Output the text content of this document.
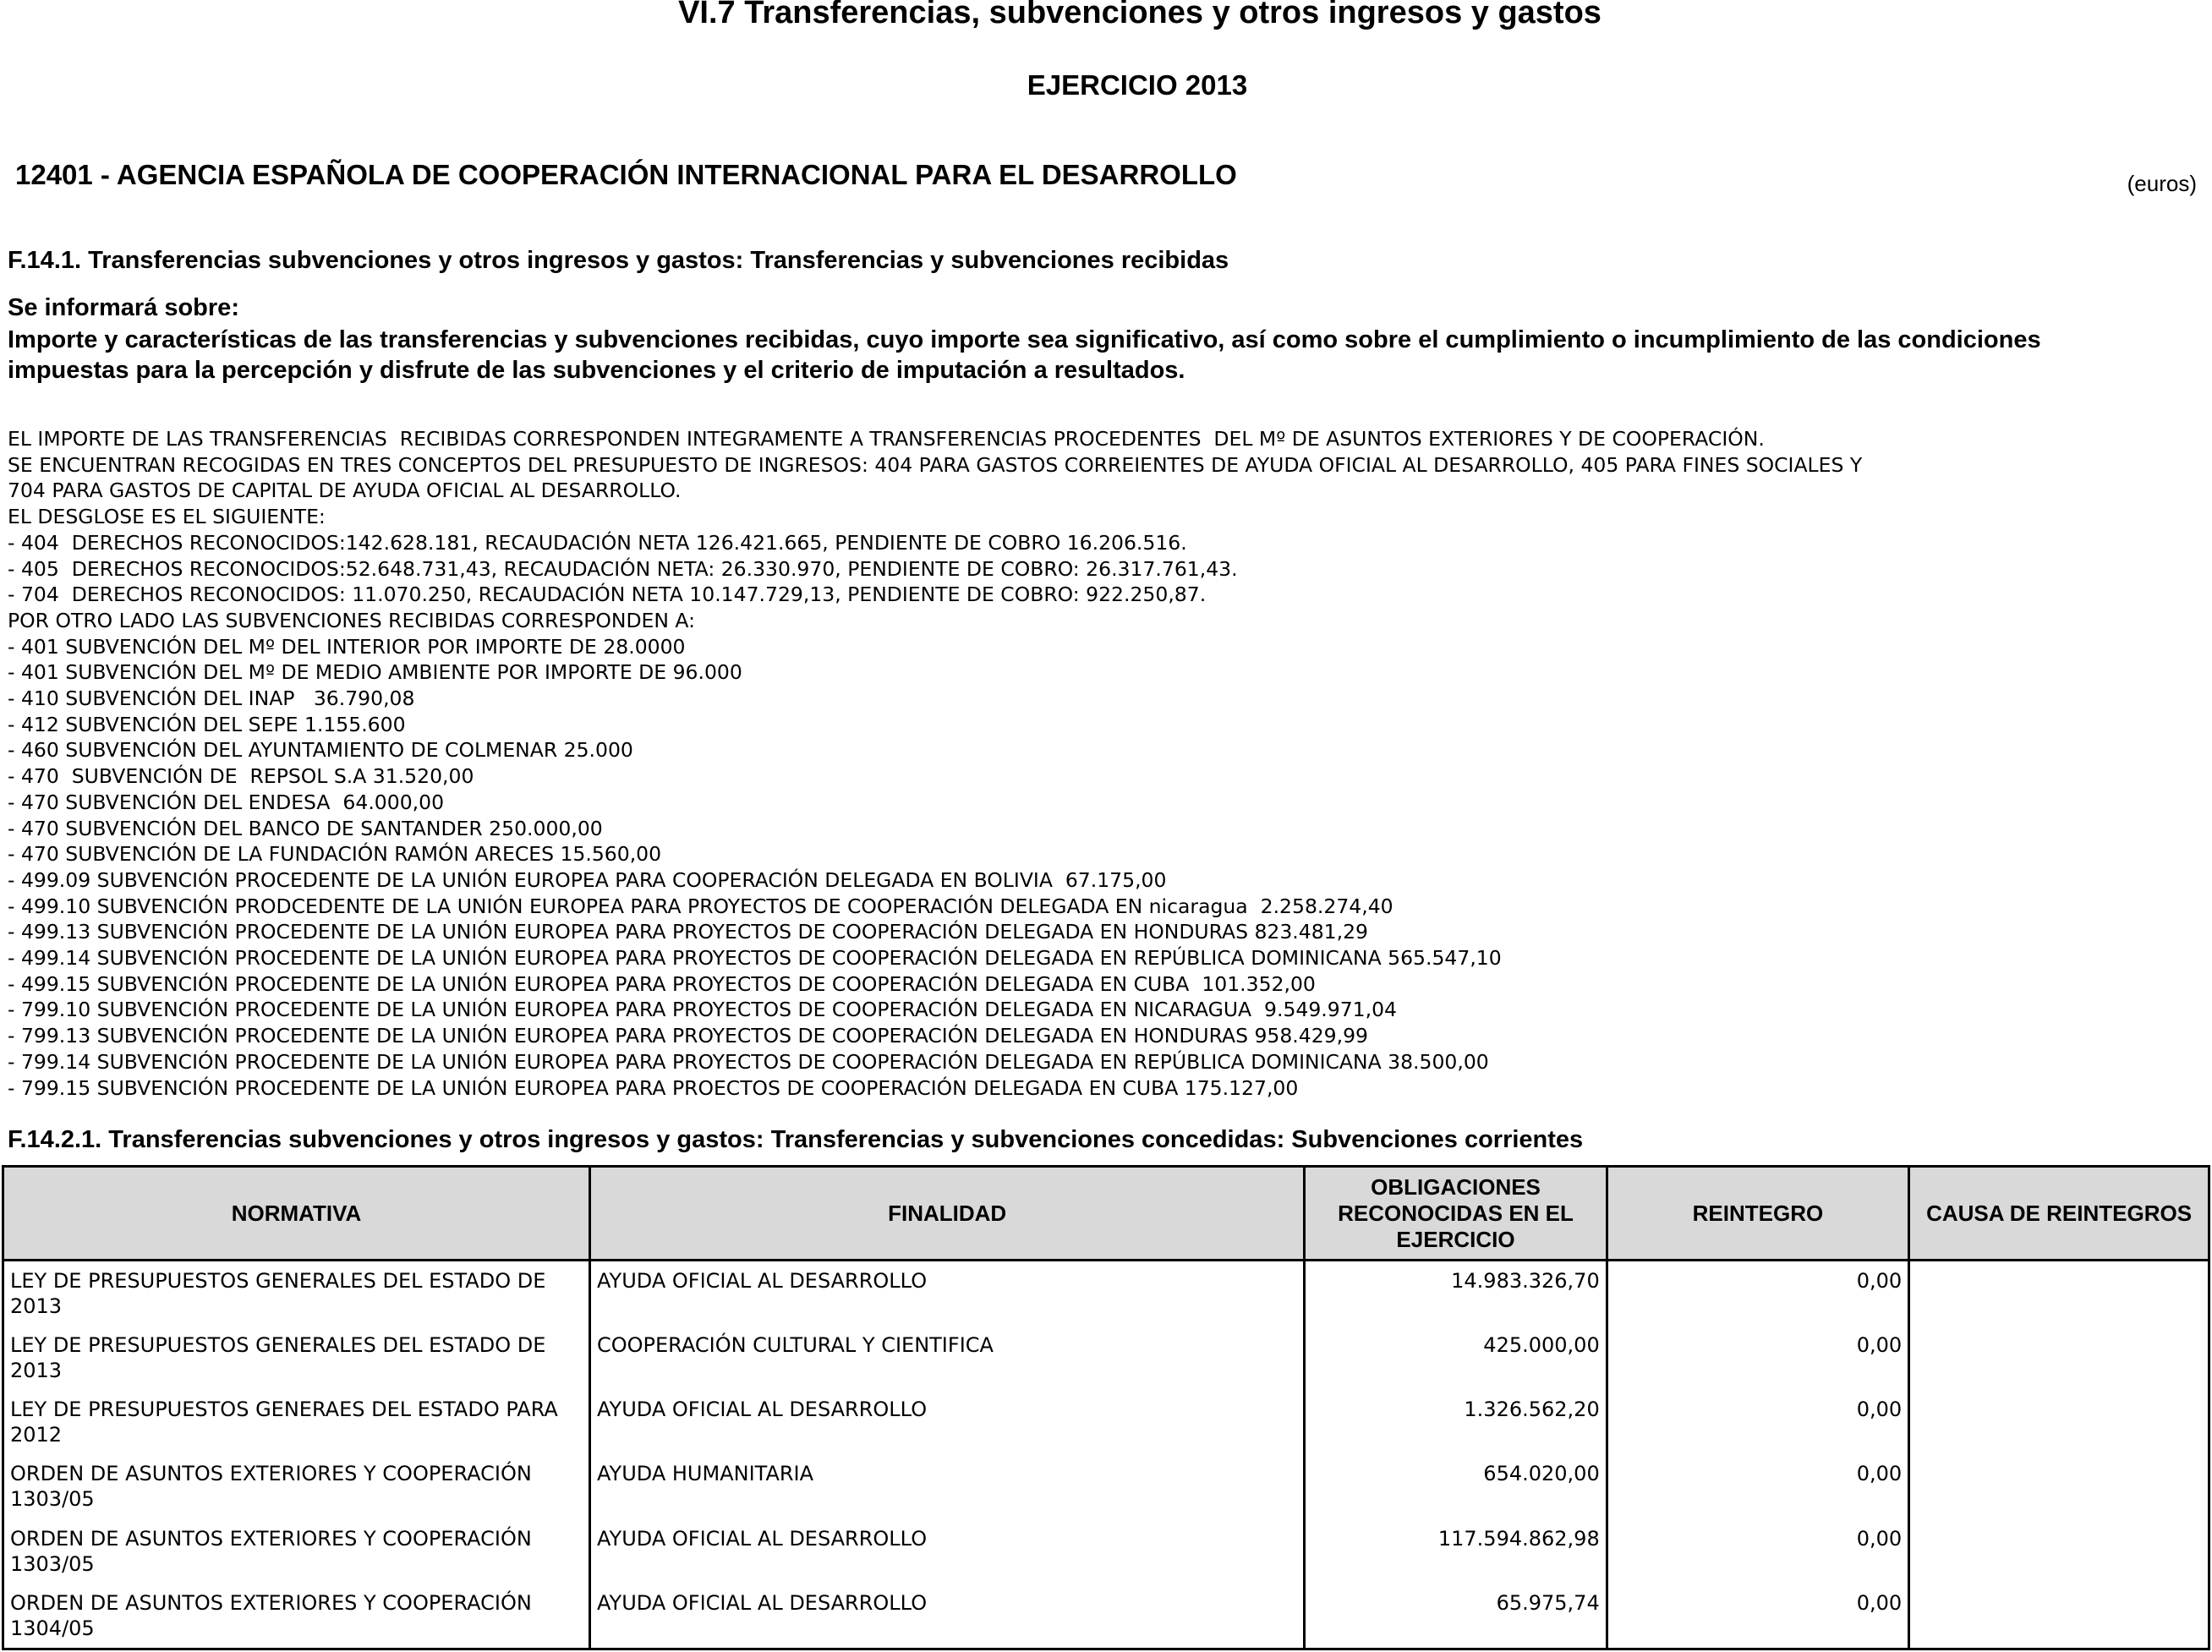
VI.7 Transferencias, subvenciones y otros ingresos y gastos
EJERCICIO 2013
12401 - AGENCIA ESPAÑOLA DE COOPERACIÓN INTERNACIONAL PARA EL DESARROLLO	(euros)
F.14.1. Transferencias subvenciones y otros ingresos y gastos: Transferencias y subvenciones recibidas
Se informará sobre:
Importe y características de las transferencias y subvenciones recibidas, cuyo importe sea significativo, así como sobre el cumplimiento o incumplimiento de las condiciones impuestas para la percepción y disfrute de las subvenciones y el criterio de imputación a resultados.
EL IMPORTE DE LAS TRANSFERENCIAS  RECIBIDAS CORRESPONDEN INTEGRAMENTE A TRANSFERENCIAS PROCEDENTES  DEL Mº DE ASUNTOS EXTERIORES Y DE COOPERACIÓN.
SE ENCUENTRAN RECOGIDAS EN TRES CONCEPTOS DEL PRESUPUESTO DE INGRESOS: 404 PARA GASTOS CORREIENTES DE AYUDA OFICIAL AL DESARROLLO, 405 PARA FINES SOCIALES Y
704 PARA GASTOS DE CAPITAL DE AYUDA OFICIAL AL DESARROLLO.
EL DESGLOSE ES EL SIGUIENTE:
- 404  DERECHOS RECONOCIDOS:142.628.181, RECAUDACIÓN NETA 126.421.665, PENDIENTE DE COBRO 16.206.516.
- 405  DERECHOS RECONOCIDOS:52.648.731,43, RECAUDACIÓN NETA: 26.330.970, PENDIENTE DE COBRO: 26.317.761,43.
- 704  DERECHOS RECONOCIDOS: 11.070.250, RECAUDACIÓN NETA 10.147.729,13, PENDIENTE DE COBRO: 922.250,87.
POR OTRO LADO LAS SUBVENCIONES RECIBIDAS CORRESPONDEN A:
- 401 SUBVENCIÓN DEL Mº DEL INTERIOR POR IMPORTE DE 28.0000
- 401 SUBVENCIÓN DEL Mº DE MEDIO AMBIENTE POR IMPORTE DE 96.000
- 410 SUBVENCIÓN DEL INAP   36.790,08
- 412 SUBVENCIÓN DEL SEPE 1.155.600
- 460 SUBVENCIÓN DEL AYUNTAMIENTO DE COLMENAR 25.000
- 470  SUBVENCIÓN DE  REPSOL S.A 31.520,00
- 470 SUBVENCIÓN DEL ENDESA  64.000,00
- 470 SUBVENCIÓN DEL BANCO DE SANTANDER 250.000,00
- 470 SUBVENCIÓN DE LA FUNDACIÓN RAMÓN ARECES 15.560,00
- 499.09 SUBVENCIÓN PROCEDENTE DE LA UNIÓN EUROPEA PARA COOPERACIÓN DELEGADA EN BOLIVIA  67.175,00
- 499.10 SUBVENCIÓN PRODCEDENTE DE LA UNIÓN EUROPEA PARA PROYECTOS DE COOPERACIÓN DELEGADA EN nicaragua  2.258.274,40
- 499.13 SUBVENCIÓN PROCEDENTE DE LA UNIÓN EUROPEA PARA PROYECTOS DE COOPERACIÓN DELEGADA EN HONDURAS 823.481,29
- 499.14 SUBVENCIÓN PROCEDENTE DE LA UNIÓN EUROPEA PARA PROYECTOS DE COOPERACIÓN DELEGADA EN REPÚBLICA DOMINICANA 565.547,10
- 499.15 SUBVENCIÓN PROCEDENTE DE LA UNIÓN EUROPEA PARA PROYECTOS DE COOPERACIÓN DELEGADA EN CUBA  101.352,00
- 799.10 SUBVENCIÓN PROCEDENTE DE LA UNIÓN EUROPEA PARA PROYECTOS DE COOPERACIÓN DELEGADA EN NICARAGUA  9.549.971,04
- 799.13 SUBVENCIÓN PROCEDENTE DE LA UNIÓN EUROPEA PARA PROYECTOS DE COOPERACIÓN DELEGADA EN HONDURAS 958.429,99
- 799.14 SUBVENCIÓN PROCEDENTE DE LA UNIÓN EUROPEA PARA PROYECTOS DE COOPERACIÓN DELEGADA EN REPÚBLICA DOMINICANA 38.500,00
- 799.15 SUBVENCIÓN PROCEDENTE DE LA UNIÓN EUROPEA PARA PROECTOS DE COOPERACIÓN DELEGADA EN CUBA 175.127,00
F.14.2.1. Transferencias subvenciones y otros ingresos y gastos: Transferencias y subvenciones concedidas: Subvenciones corrientes
NORMATIVA	FINALIDAD	OBLIGACIONES RECONOCIDAS EN EL EJERCICIO	REINTEGRO	CAUSA DE REINTEGROS
LEY DE PRESUPUESTOS GENERALES DEL ESTADO DE 2013	AYUDA OFICIAL AL DESARROLLO	14.983.326,70	0,00	
LEY DE PRESUPUESTOS GENERALES DEL ESTADO DE 2013	COOPERACIÓN CULTURAL Y CIENTIFICA	425.000,00	0,00	
LEY DE PRESUPUESTOS GENERAES DEL ESTADO PARA 2012	AYUDA OFICIAL AL DESARROLLO	1.326.562,20	0,00	
ORDEN DE ASUNTOS EXTERIORES Y COOPERACIÓN 1303/05	AYUDA HUMANITARIA	654.020,00	0,00	
ORDEN DE ASUNTOS EXTERIORES Y COOPERACIÓN 1303/05	AYUDA OFICIAL AL DESARROLLO	117.594.862,98	0,00	
ORDEN DE ASUNTOS EXTERIORES Y COOPERACIÓN 1304/05	AYUDA OFICIAL AL DESARROLLO	65.975,74	0,00	
